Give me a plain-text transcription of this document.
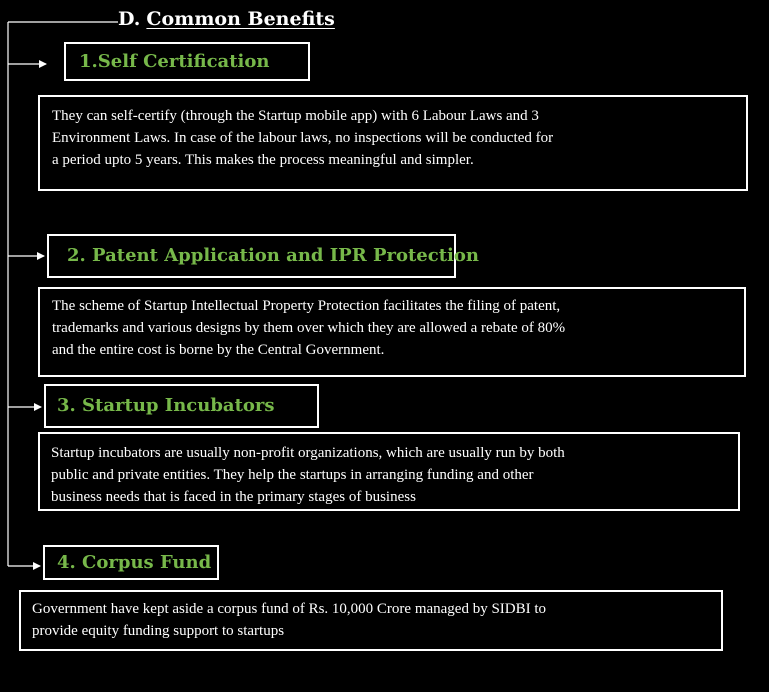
D. Common Benefits
1.Self Certification
They can self-certify (through the Startup mobile app) with 6 Labour Laws and 3
Environment Laws. In case of the labour laws, no inspections will be conducted for
a period upto 5 years. This makes the process meaningful and simpler.
2. Patent Application and IPR Protection
The scheme of Startup Intellectual Property Protection facilitates the filing of patent,
trademarks and various designs by them over which they are allowed a rebate of 80%
and the entire cost is borne by the Central Government.
3. Startup Incubators
Startup incubators are usually non-profit organizations, which are usually run by both
public and private entities. They help the startups in arranging funding and other
business needs that is faced in the primary stages of business
4. Corpus Fund
Government have kept aside a corpus fund of Rs. 10,000 Crore managed by SIDBI to
provide equity funding support to startups
